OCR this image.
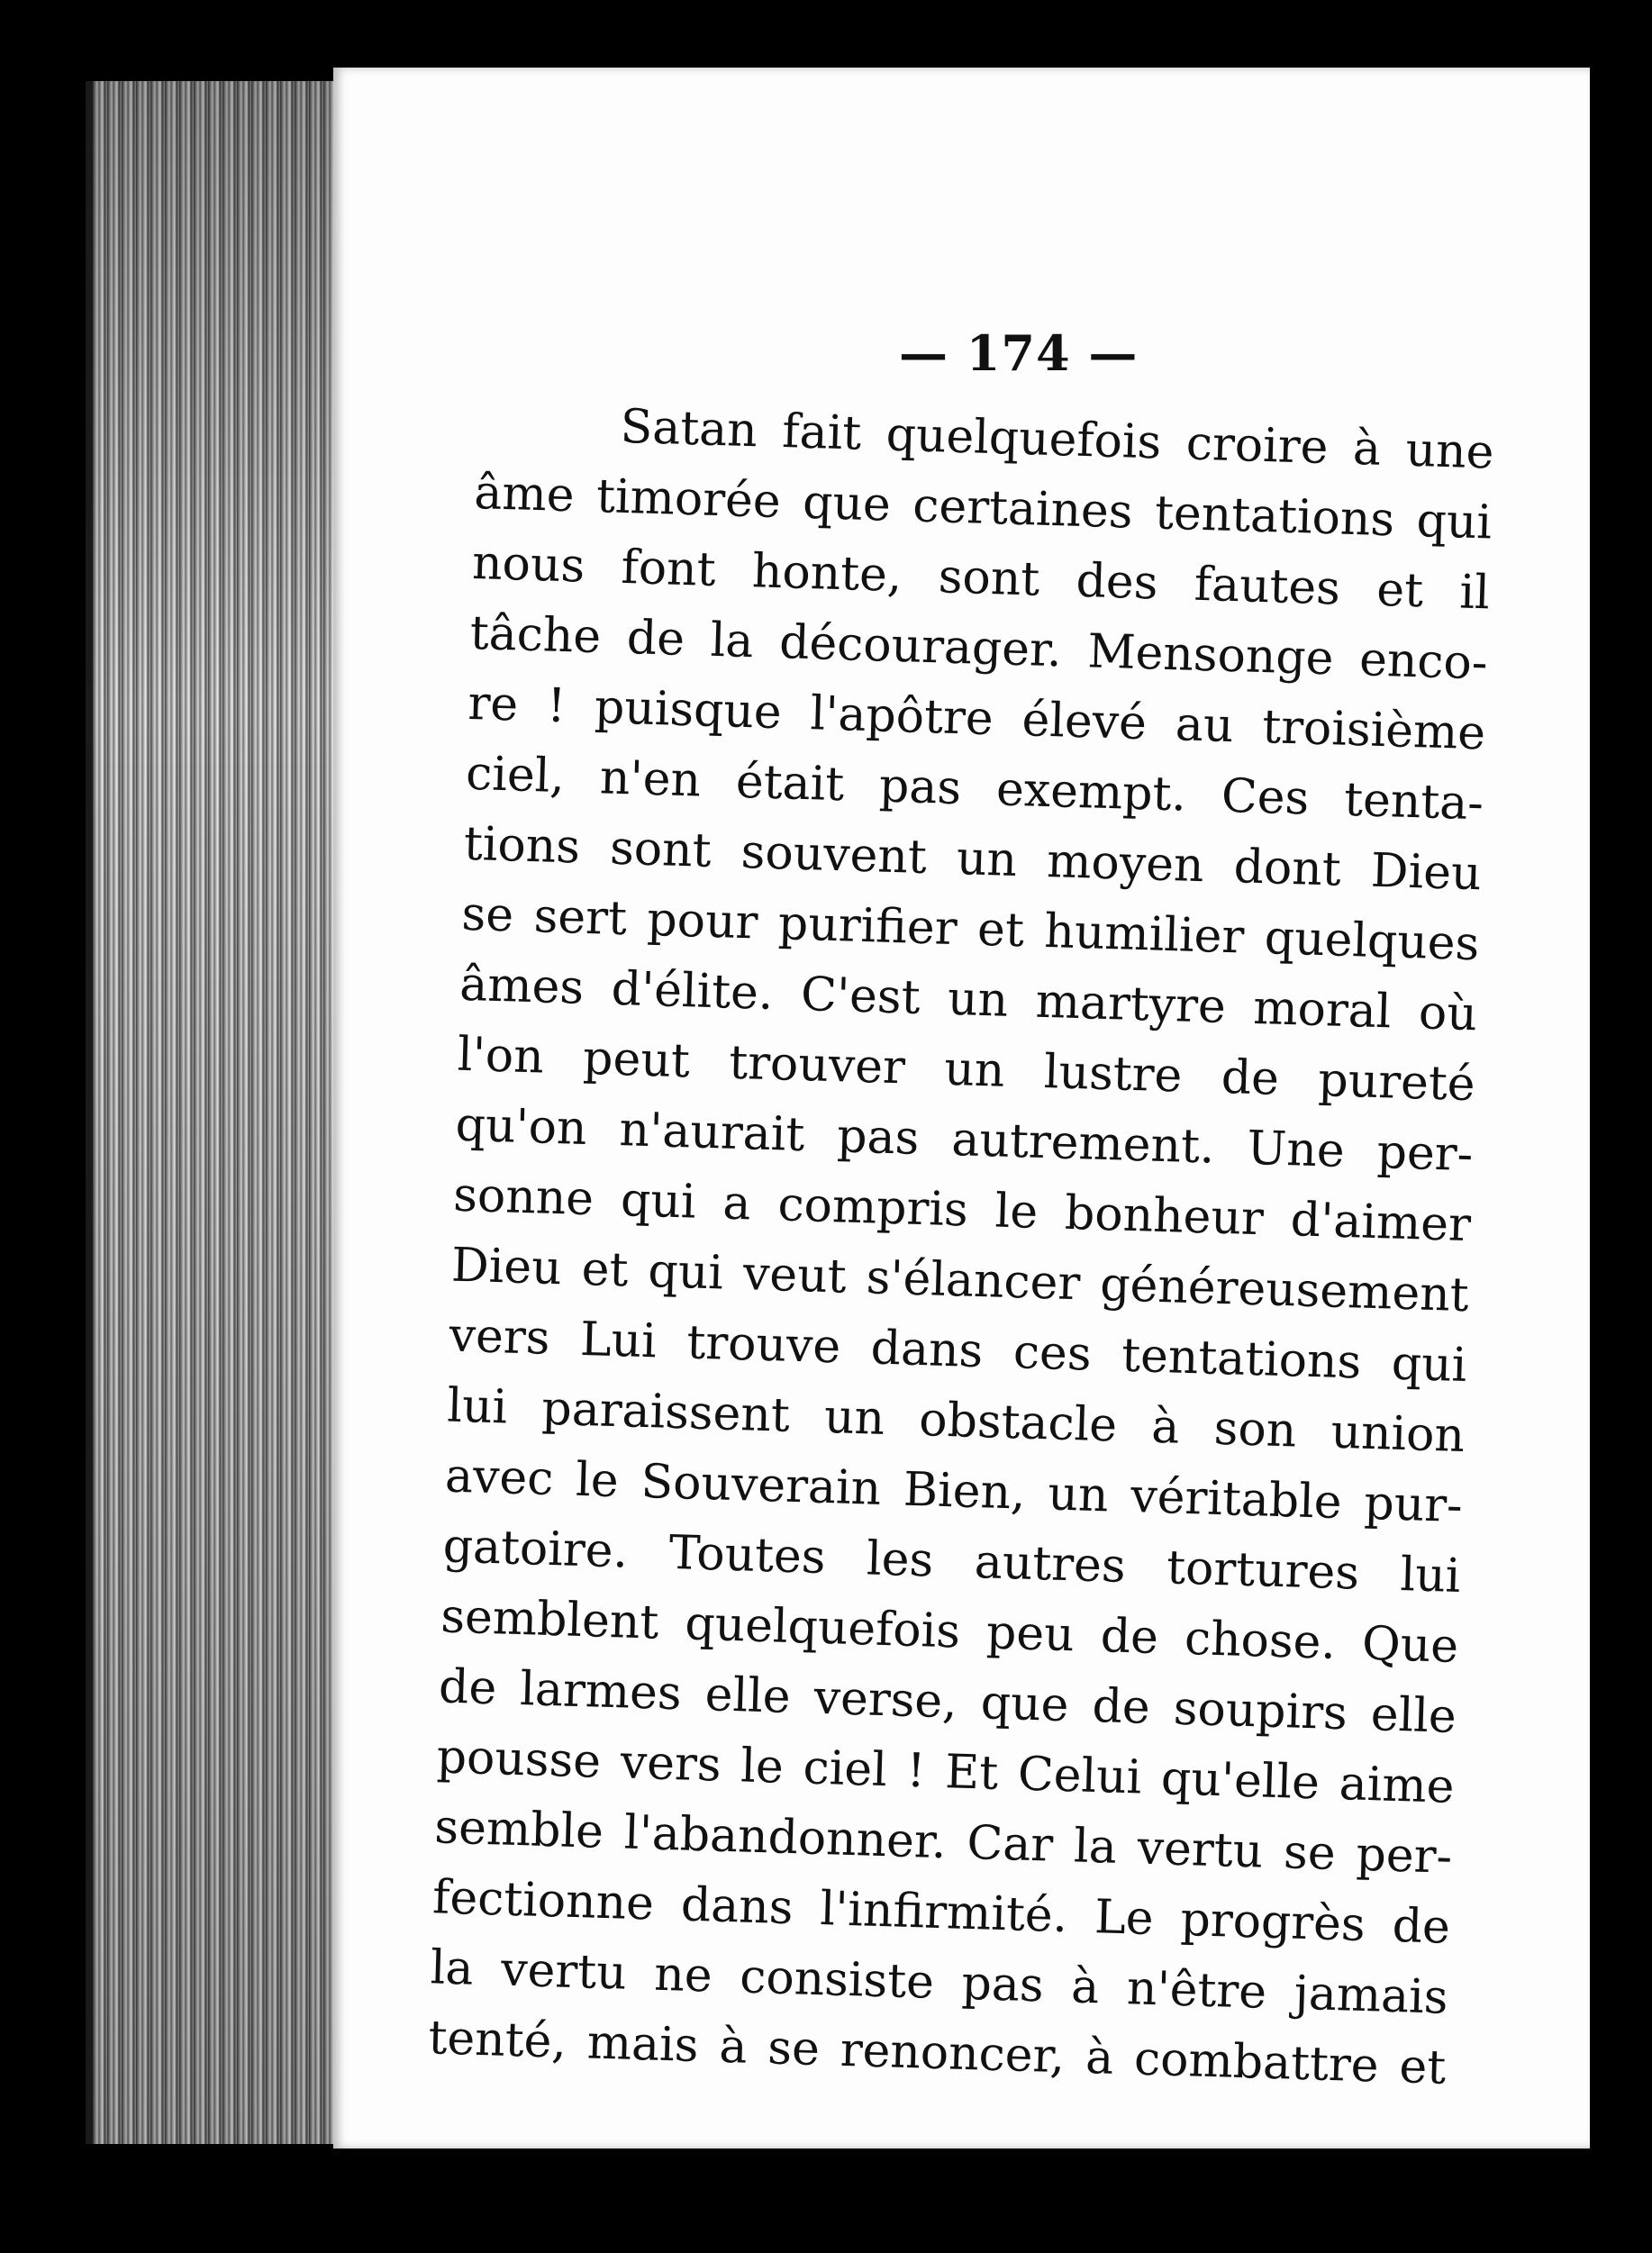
— 174 —
Satan fait quelquefois croire à une
âme timorée que certaines tentations qui
nous font honte, sont des fautes et il
tâche de la décourager. Mensonge enco-
re ! puisque l'apôtre élevé au troisième
ciel, n'en était pas exempt. Ces tenta-
tions sont souvent un moyen dont Dieu
se sert pour purifier et humilier quelques
âmes d'élite. C'est un martyre moral où
l'on peut trouver un lustre de pureté
qu'on n'aurait pas autrement. Une per-
sonne qui a compris le bonheur d'aimer
Dieu et qui veut s'élancer généreusement
vers Lui trouve dans ces tentations qui
lui paraissent un obstacle à son union
avec le Souverain Bien, un véritable pur-
gatoire. Toutes les autres tortures lui
semblent quelquefois peu de chose. Que
de larmes elle verse, que de soupirs elle
pousse vers le ciel ! Et Celui qu'elle aime
semble l'abandonner. Car la vertu se per-
fectionne dans l'infirmité. Le progrès de
la vertu ne consiste pas à n'être jamais
tenté, mais à se renoncer, à combattre et
